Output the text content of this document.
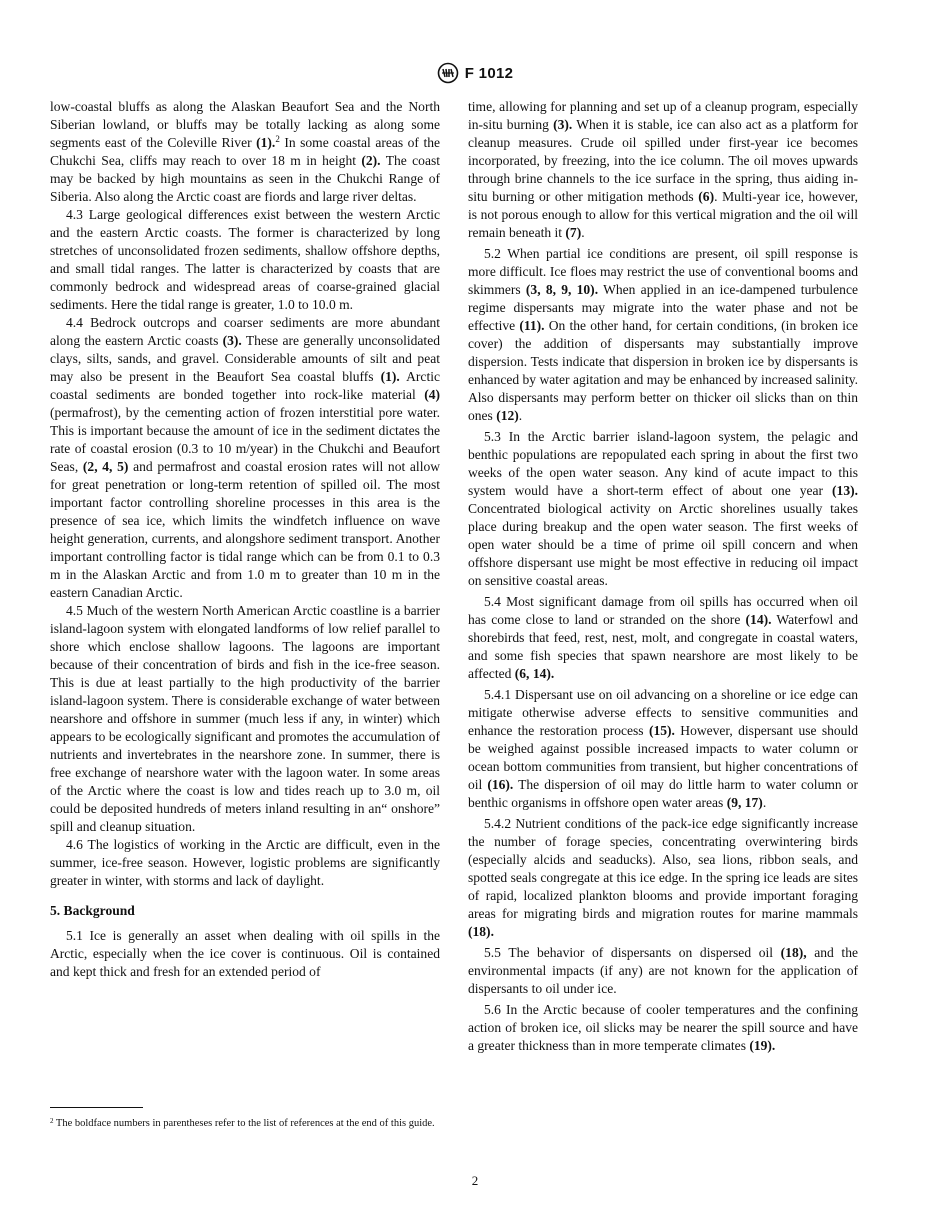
F 1012

low-coastal bluffs as along the Alaskan Beaufort Sea and the North Siberian lowland, or bluffs may be totally lacking as along some segments east of the Coleville River (1).$^2$ In some coastal areas of the Chukchi Sea, cliffs may reach to over 18 m in height (2). The coast may be backed by high mountains as seen in the Chukchi Range of Siberia. Also along the Arctic coast are fiords and large river deltas.

4.3 Large geological differences exist between the western Arctic and the eastern Arctic coasts. The former is characterized by long stretches of unconsolidated frozen sediments, shallow offshore depths, and small tidal ranges. The latter is characterized by coasts that are commonly bedrock and widespread areas of coarse-grained glacial sediments. Here the tidal range is greater, 1.0 to 10.0 m.

4.4 Bedrock outcrops and coarser sediments are more abundant along the eastern Arctic coasts (3). These are generally unconsolidated clays, silts, sands, and gravel. Considerable amounts of silt and peat may also be present in the Beaufort Sea coastal bluffs (1). Arctic coastal sediments are bonded together into rock-like material (4) (permafrost), by the cementing action of frozen interstitial pore water. This is important because the amount of ice in the sediment dictates the rate of coastal erosion (0.3 to 10 m/year) in the Chukchi and Beaufort Seas, (2, 4, 5) and permafrost and coastal erosion rates will not allow for great penetration or long-term retention of spilled oil. The most important factor controlling shoreline processes in this area is the presence of sea ice, which limits the windfetch influence on wave height generation, currents, and alongshore sediment transport. Another important controlling factor is tidal range which can be from 0.1 to 0.3 m in the Alaskan Arctic and from 1.0 m to greater than 10 m in the eastern Canadian Arctic.

4.5 Much of the western North American Arctic coastline is a barrier island-lagoon system with elongated landforms of low relief parallel to shore which enclose shallow lagoons. The lagoons are important because of their concentration of birds and fish in the ice-free season. This is due at least partially to the high productivity of the barrier island-lagoon system. There is considerable exchange of water between nearshore and offshore in summer (much less if any, in winter) which appears to be ecologically significant and promotes the accumulation of nutrients and invertebrates in the nearshore zone. In summer, there is free exchange of nearshore water with the lagoon water. In some areas of the Arctic where the coast is low and tides reach up to 3.0 m, oil could be deposited hundreds of meters inland resulting in an“ onshore” spill and cleanup situation.

4.6 The logistics of working in the Arctic are difficult, even in the summer, ice-free season. However, logistic problems are significantly greater in winter, with storms and lack of daylight.

5. Background

5.1 Ice is generally an asset when dealing with oil spills in the Arctic, especially when the ice cover is continuous. Oil is contained and kept thick and fresh for an extended period of

time, allowing for planning and set up of a cleanup program, especially in-situ burning (3). When it is stable, ice can also act as a platform for cleanup measures. Crude oil spilled under first-year ice becomes incorporated, by freezing, into the ice column. The oil moves upwards through brine channels to the ice surface in the spring, thus aiding in-situ burning or other mitigation methods (6). Multi-year ice, however, is not porous enough to allow for this vertical migration and the oil will remain beneath it (7).

5.2 When partial ice conditions are present, oil spill response is more difficult. Ice floes may restrict the use of conventional booms and skimmers (3, 8, 9, 10). When applied in an ice-dampened turbulence regime dispersants may migrate into the water phase and not be effective (11). On the other hand, for certain conditions, (in broken ice cover) the addition of dispersants may substantially improve dispersion. Tests indicate that dispersion in broken ice by dispersants is enhanced by water agitation and may be enhanced by increased salinity. Also dispersants may perform better on thicker oil slicks than on thin ones (12).

5.3 In the Arctic barrier island-lagoon system, the pelagic and benthic populations are repopulated each spring in about the first two weeks of the open water season. Any kind of acute impact to this system would have a short-term effect of about one year (13). Concentrated biological activity on Arctic shorelines usually takes place during breakup and the open water season. The first weeks of open water should be a time of prime oil spill concern and when offshore dispersant use might be most effective in reducing oil impact on sensitive coastal areas.

5.4 Most significant damage from oil spills has occurred when oil has come close to land or stranded on the shore (14). Waterfowl and shorebirds that feed, rest, nest, molt, and congregate in coastal waters, and some fish species that spawn nearshore are most likely to be affected (6, 14).

5.4.1 Dispersant use on oil advancing on a shoreline or ice edge can mitigate otherwise adverse effects to sensitive communities and enhance the restoration process (15). However, dispersant use should be weighed against possible increased impacts to water column or ocean bottom communities from transient, but higher concentrations of oil (16). The dispersion of oil may do little harm to water column or benthic organisms in offshore open water areas (9, 17).

5.4.2 Nutrient conditions of the pack-ice edge significantly increase the number of forage species, concentrating overwintering birds (especially alcids and seaducks). Also, sea lions, ribbon seals, and spotted seals congregate at this ice edge. In the spring ice leads are sites of rapid, localized plankton blooms and provide important foraging areas for migrating birds and migration routes for marine mammals (18).

5.5 The behavior of dispersants on dispersed oil (18), and the environmental impacts (if any) are not known for the application of dispersants to oil under ice.

5.6 In the Arctic because of cooler temperatures and the confining action of broken ice, oil slicks may be nearer the spill source and have a greater thickness than in more temperate climates (19).

$^2$ The boldface numbers in parentheses refer to the list of references at the end of this guide.
2
